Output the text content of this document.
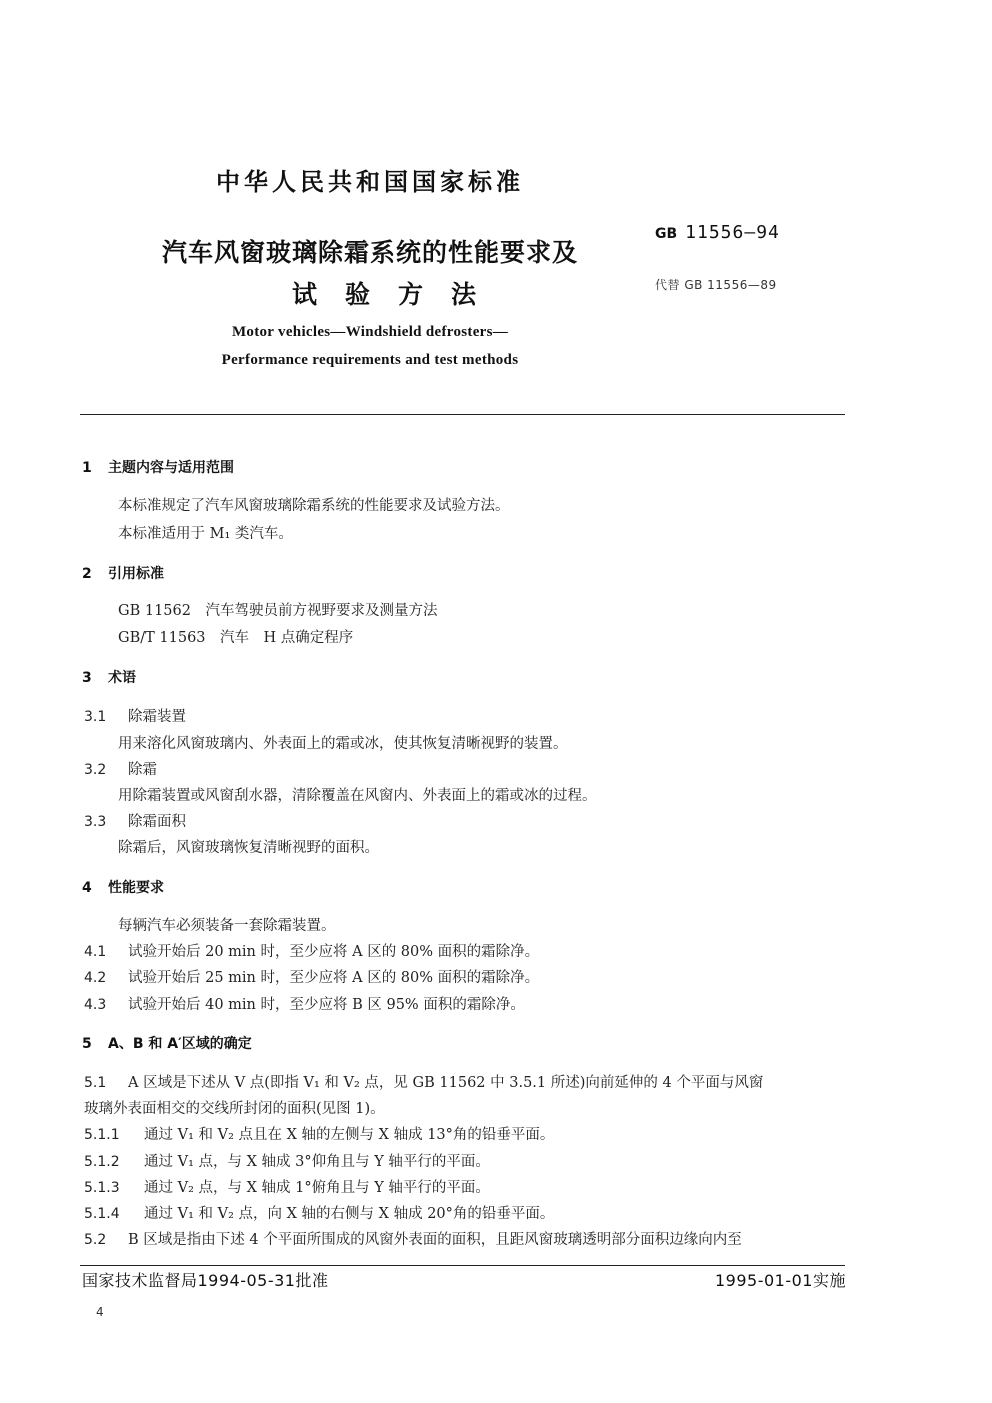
中华人民共和国国家标准
汽车风窗玻璃除霜系统的性能要求及
试验方法
GB 11556—94
代替 GB 11556—89
Motor vehicles—Windshield defrosters—
Performance requirements and test methods
1 主题内容与适用范围
本标准规定了汽车风窗玻璃除霜系统的性能要求及试验方法。
本标准适用于 M₁ 类汽车。
2 引用标准
GB 11562　汽车驾驶员前方视野要求及测量方法
GB/T 11563　汽车　H 点确定程序
3 术语
3.1 除霜装置
用来溶化风窗玻璃内、外表面上的霜或冰，使其恢复清晰视野的装置。
3.2 除霜
用除霜装置或风窗刮水器，清除覆盖在风窗内、外表面上的霜或冰的过程。
3.3 除霜面积
除霜后，风窗玻璃恢复清晰视野的面积。
4 性能要求
每辆汽车必须装备一套除霜装置。
4.1 试验开始后 20 min 时，至少应将 A 区的 80% 面积的霜除净。
4.2 试验开始后 25 min 时，至少应将 A 区的 80% 面积的霜除净。
4.3 试验开始后 40 min 时，至少应将 B 区 95% 面积的霜除净。
5 A、B 和 A′区域的确定
5.1 A 区域是下述从 V 点(即指 V₁ 和 V₂ 点，见 GB 11562 中 3.5.1 所述)向前延伸的 4 个平面与风窗
玻璃外表面相交的交线所封闭的面积(见图 1)。
5.1.1 通过 V₁ 和 V₂ 点且在 X 轴的左侧与 X 轴成 13°角的铅垂平面。
5.1.2 通过 V₁ 点，与 X 轴成 3°仰角且与 Y 轴平行的平面。
5.1.3 通过 V₂ 点，与 X 轴成 1°俯角且与 Y 轴平行的平面。
5.1.4 通过 V₁ 和 V₂ 点，向 X 轴的右侧与 X 轴成 20°角的铅垂平面。
5.2 B 区域是指由下述 4 个平面所围成的风窗外表面的面积，且距风窗玻璃透明部分面积边缘向内至
国家技术监督局1994-05-31批准	1995-01-01实施
4
